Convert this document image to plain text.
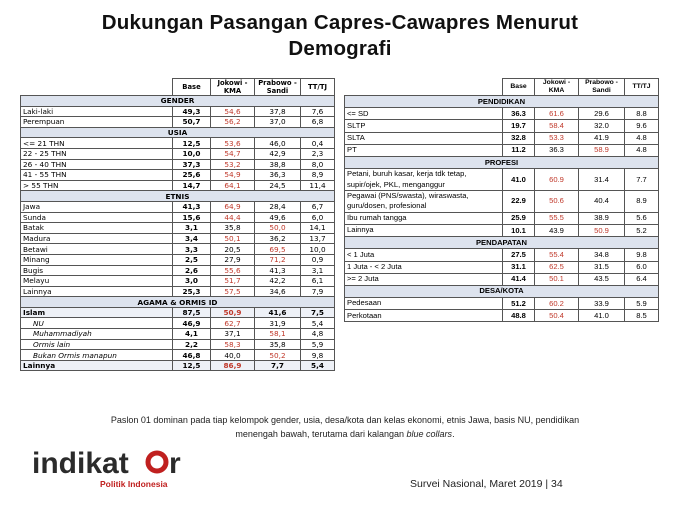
Dukungan Pasangan Capres-Cawapres Menurut
Demografi
	Base	Jokowi - KMA	Prabowo - Sandi	TT/TJ
GENDER				
Laki-laki	49,3	54,6	37,8	7,6
Perempuan	50,7	56,2	37,0	6,8
USIA				
<= 21 THN	12,5	53,6	46,0	0,4
22 - 25 THN	10,0	54,7	42,9	2,3
26 - 40 THN	37,3	53,2	38,8	8,0
41 - 55 THN	25,6	54,9	36,3	8,9
> 55 THN	14,7	64,1	24,5	11,4
ETNIS				
Jawa	41,3	64,9	28,4	6,7
Sunda	15,6	44,4	49,6	6,0
Batak	3,1	35,8	50,0	14,1
Madura	3,4	50,1	36,2	13,7
Betawi	3,3	20,5	69,5	10,0
Minang	2,5	27,9	71,2	0,9
Bugis	2,6	55,6	41,3	3,1
Melayu	3,0	51,7	42,2	6,1
Lainnya	25,3	57,5	34,6	7,9
AGAMA & ORMIS ID				
Islam	87,5	50,9	41,6	7,5
NU	46,9	62,7	31,9	5,4
Muhammadiyah	4,1	37,1	58,1	4,8
Ormis lain	2,2	58,3	35,8	5,9
Bukan Ormis manapun	46,8	40,0	50,2	9,8
Lainnya	12,5	86,9	7,7	5,4
	Base	Jokowi - KMA	Prabowo - Sandi	TT/TJ
PENDIDIKAN				
<= SD	36.3	61.6	29.6	8.8
SLTP	19.7	58.4	32.0	9.6
SLTA	32.8	53.3	41.9	4.8
PT	11.2	36.3	58.9	4.8
PROFESI				
Petani, buruh kasar, kerja tdk tetap, supir/ojek, PKL, menganggur	41.0	60.9	31.4	7.7
Pegawai (PNS/swasta), wiraswasta, guru/dosen, profesional	22.9	50.6	40.4	8.9
Ibu rumah tangga	25.9	55.5	38.9	5.6
Lainnya	10.1	43.9	50.9	5.2
PENDAPATAN				
< 1 Juta	27.5	55.4	34.8	9.8
1 Juta - < 2 Juta	31.1	62.5	31.5	6.0
>= 2 Juta	41.4	50.1	43.5	6.4
DESA/KOTA				
Pedesaan	51.2	60.2	33.9	5.9
Perkotaan	48.8	50.4	41.0	8.5
Paslon 01 dominan pada tiap kelompok gender, usia, desa/kota dan kelas ekonomi, etnis Jawa, basis NU, pendidikan
menengah bawah, terutama dari kalangan blue collars.
indikat r
Politik Indonesia	Survei Nasional, Maret 2019 | 34
